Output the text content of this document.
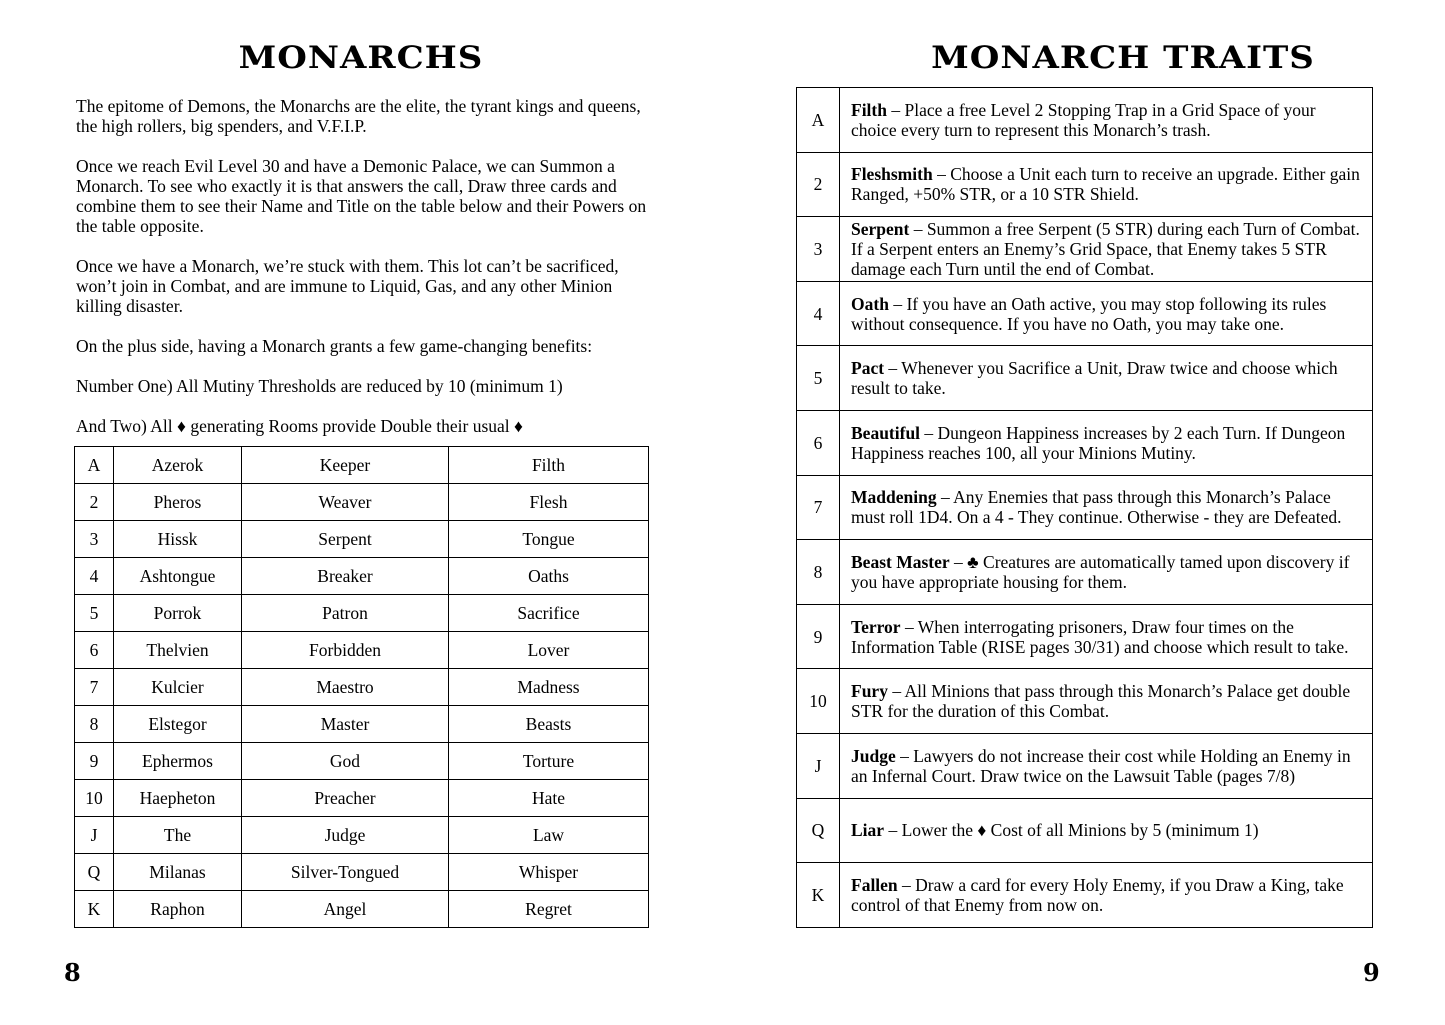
MONARCHS

The epitome of Demons, the Monarchs are the elite, the tyrant kings and queens, the high rollers, big spenders, and V.F.I.P.

Once we reach Evil Level 30 and have a Demonic Palace, we can Summon a Monarch. To see who exactly it is that answers the call, Draw three cards and combine them to see their Name and Title on the table below and their Powers on the table opposite.

Once we have a Monarch, we’re stuck with them. This lot can’t be sacrificed, won’t join in Combat, and are immune to Liquid, Gas, and any other Minion killing disaster.

On the plus side, having a Monarch grants a few game-changing benefits:

Number One) All Mutiny Thresholds are reduced by 10 (minimum 1)

And Two) All ♦ generating Rooms provide Double their usual ♦

A	Azerok	Keeper	Filth
2	Pheros	Weaver	Flesh
3	Hissk	Serpent	Tongue
4	Ashtongue	Breaker	Oaths
5	Porrok	Patron	Sacrifice
6	Thelvien	Forbidden	Lover
7	Kulcier	Maestro	Madness
8	Elstegor	Master	Beasts
9	Ephermos	God	Torture
10	Haepheton	Preacher	Hate
J	The	Judge	Law
Q	Milanas	Silver-Tongued	Whisper
K	Raphon	Angel	Regret
8
MONARCH TRAITS
A	Filth – Place a free Level 2 Stopping Trap in a Grid Space of your choice every turn to represent this Monarch’s trash.
2	Fleshsmith – Choose a Unit each turn to receive an upgrade. Either gain Ranged, +50% STR, or a 10 STR Shield.
3	Serpent – Summon a free Serpent (5 STR) during each Turn of Combat. If a Serpent enters an Enemy’s Grid Space, that Enemy takes 5 STR damage each Turn until the end of Combat.
4	Oath – If you have an Oath active, you may stop following its rules without consequence. If you have no Oath, you may take one.
5	Pact – Whenever you Sacrifice a Unit, Draw twice and choose which result to take.
6	Beautiful – Dungeon Happiness increases by 2 each Turn. If Dungeon Happiness reaches 100, all your Minions Mutiny.
7	Maddening – Any Enemies that pass through this Monarch’s Palace must roll 1D4. On a 4 - They continue. Otherwise - they are Defeated.
8	Beast Master – ♣ Creatures are automatically tamed upon discovery if you have appropriate housing for them.
9	Terror – When interrogating prisoners, Draw four times on the Information Table (RISE pages 30/31) and choose which result to take.
10	Fury – All Minions that pass through this Monarch’s Palace get double STR for the duration of this Combat.
J	Judge – Lawyers do not increase their cost while Holding an Enemy in an Infernal Court. Draw twice on the Lawsuit Table (pages 7/8)
Q	Liar – Lower the ♦ Cost of all Minions by 5 (minimum 1)
K	Fallen – Draw a card for every Holy Enemy, if you Draw a King, take control of that Enemy from now on.
9
